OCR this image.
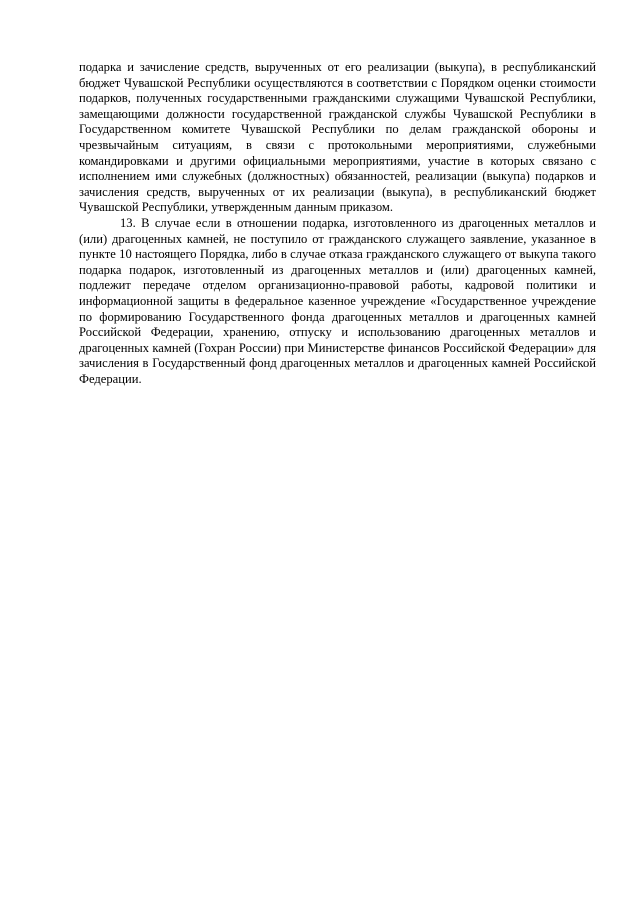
подарка и зачисление средств, вырученных от его реализации (выкупа), в республиканский бюджет Чувашской Республики осуществляются в соответствии с Порядком оценки стоимости подарков, полученных государственными гражданскими служащими Чувашской Республики, замещающими должности государственной гражданской службы Чувашской Республики в Государственном комитете Чувашской Республики по делам гражданской обороны и чрезвычайным ситуациям, в связи с протокольными мероприятиями, служебными командировками и другими официальными мероприятиями, участие в которых связано с исполнением ими служебных (должностных) обязанностей, реализации (выкупа) подарков и зачисления средств, вырученных от их реализации (выкупа), в республиканский бюджет Чувашской Республики, утвержденным данным приказом.

13. В случае если в отношении подарка, изготовленного из драгоценных металлов и (или) драгоценных камней, не поступило от гражданского служащего заявление, указанное в пункте 10 настоящего Порядка, либо в случае отказа гражданского служащего от выкупа такого подарка подарок, изготовленный из драгоценных металлов и (или) драгоценных камней, подлежит передаче отделом организационно-правовой работы, кадровой политики и информационной защиты в федеральное казенное учреждение «Государственное учреждение по формированию Государственного фонда драгоценных металлов и драгоценных камней Российской Федерации, хранению, отпуску и использованию драгоценных металлов и драгоценных камней (Гохран России) при Министерстве финансов Российской Федерации» для зачисления в Государственный фонд драгоценных металлов и драгоценных камней Российской Федерации.
